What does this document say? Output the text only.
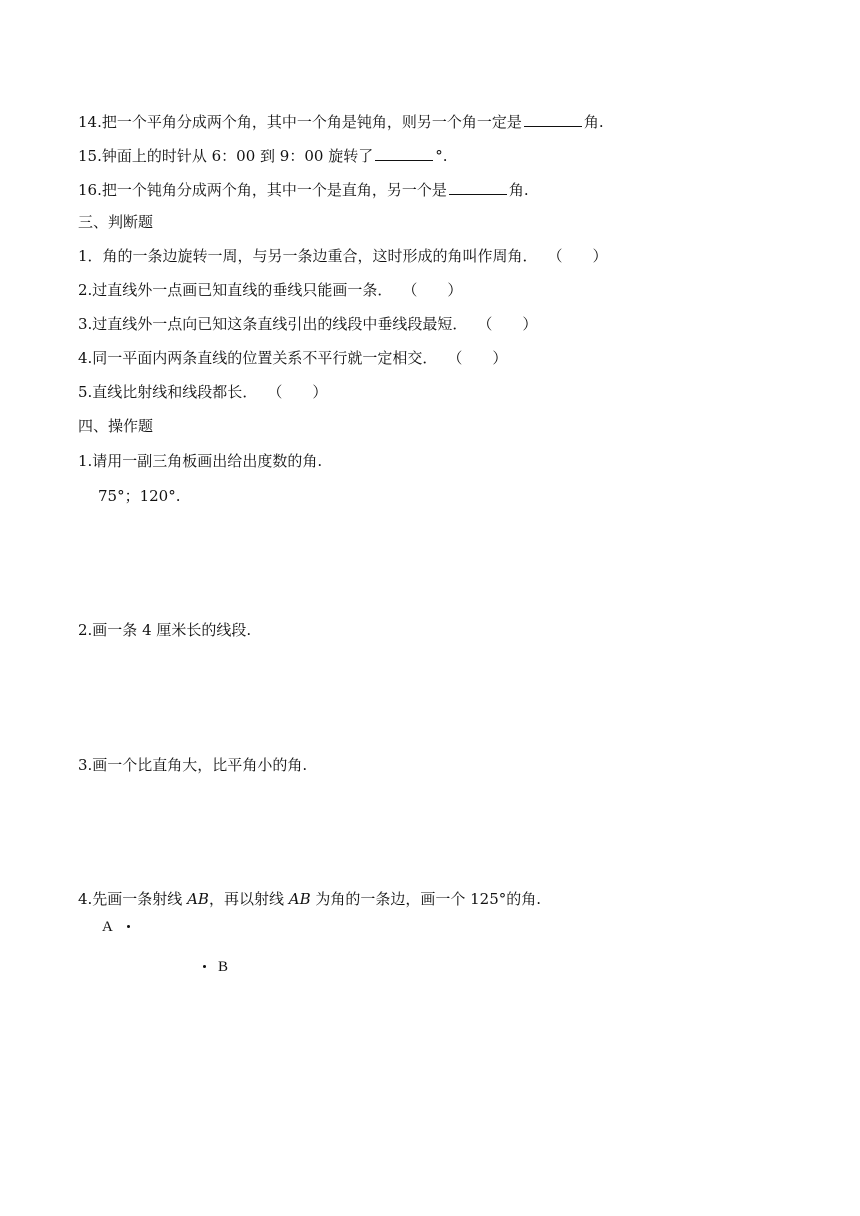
14.把一个平角分成两个角，其中一个角是钝角，则另一个角一定是	角.
15.钟面上的时针从 6：00 到 9：00 旋转了	°.
16.把一个钝角分成两个角，其中一个是直角，另一个是	角.
三、判断题
1．角的一条边旋转一周，与另一条边重合，这时形成的角叫作周角． （　　）
2.过直线外一点画已知直线的垂线只能画一条． （　　）
3.过直线外一点向已知这条直线引出的线段中垂线段最短． （　　）
4.同一平面内两条直线的位置关系不平行就一定相交． （　　）
5.直线比射线和线段都长． （　　）
四、操作题
1.请用一副三角板画出给出度数的角.
75°；120°.
2.画一条 4 厘米长的线段.
3.画一个比直角大，比平角小的角.
4.先画一条射线 AB，再以射线 AB 为角的一条边，画一个 125°的角.
A
B
